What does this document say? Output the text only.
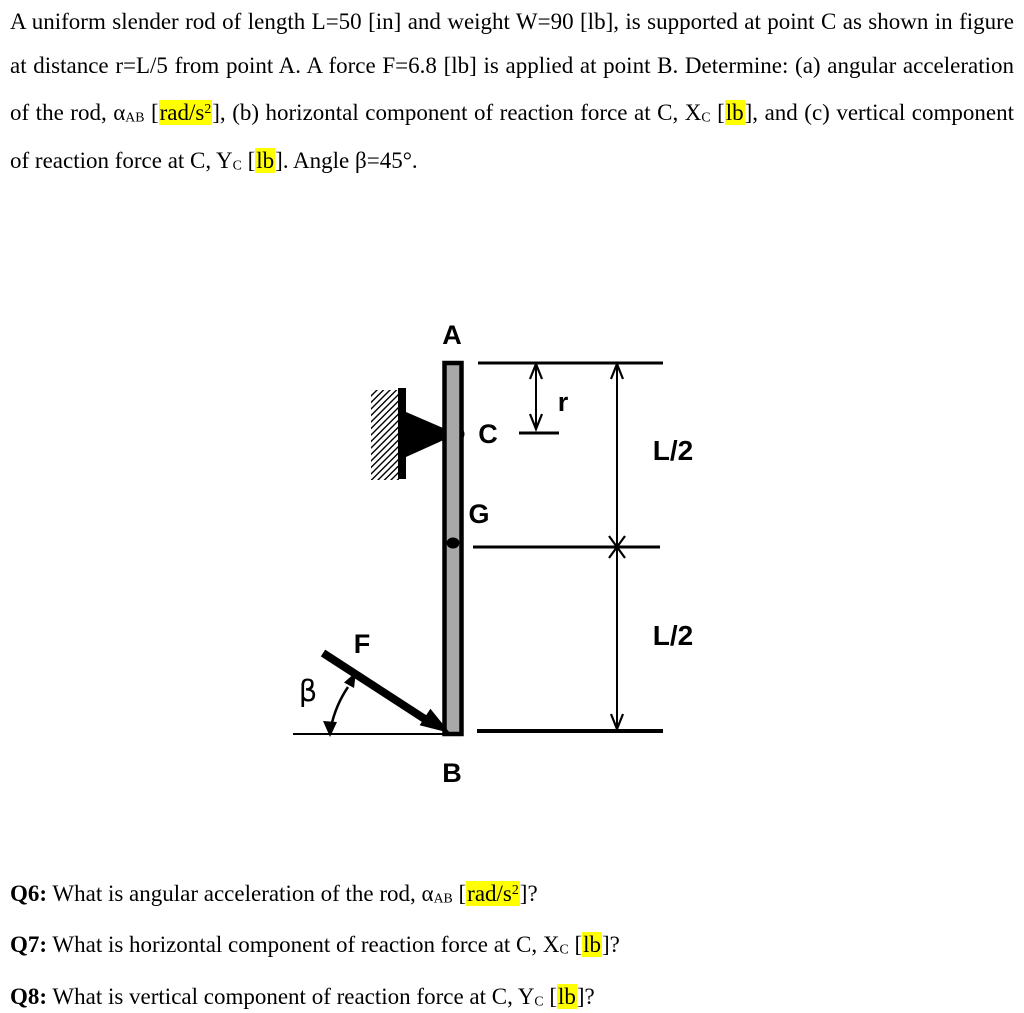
A uniform slender rod of length L=50 [in] and weight W=90 [lb], is supported at point C as shown in figure at distance r=L/5 from point A. A force F=6.8 [lb] is applied at point B. Determine: (a) angular acceleration of the rod, αAB $[rad/s^2]$, (b) horizontal component of reaction force at C, XC [lb], and (c) vertical component of reaction force at C, YC [lb]. Angle β=45°.

A
C
G
B
r
F
β
L/2
L/2

Q6: What is angular acceleration of the rod, αAB $[rad/s^2]$?

Q7: What is horizontal component of reaction force at C, XC [lb]?

Q8: What is vertical component of reaction force at C, YC [lb]?
